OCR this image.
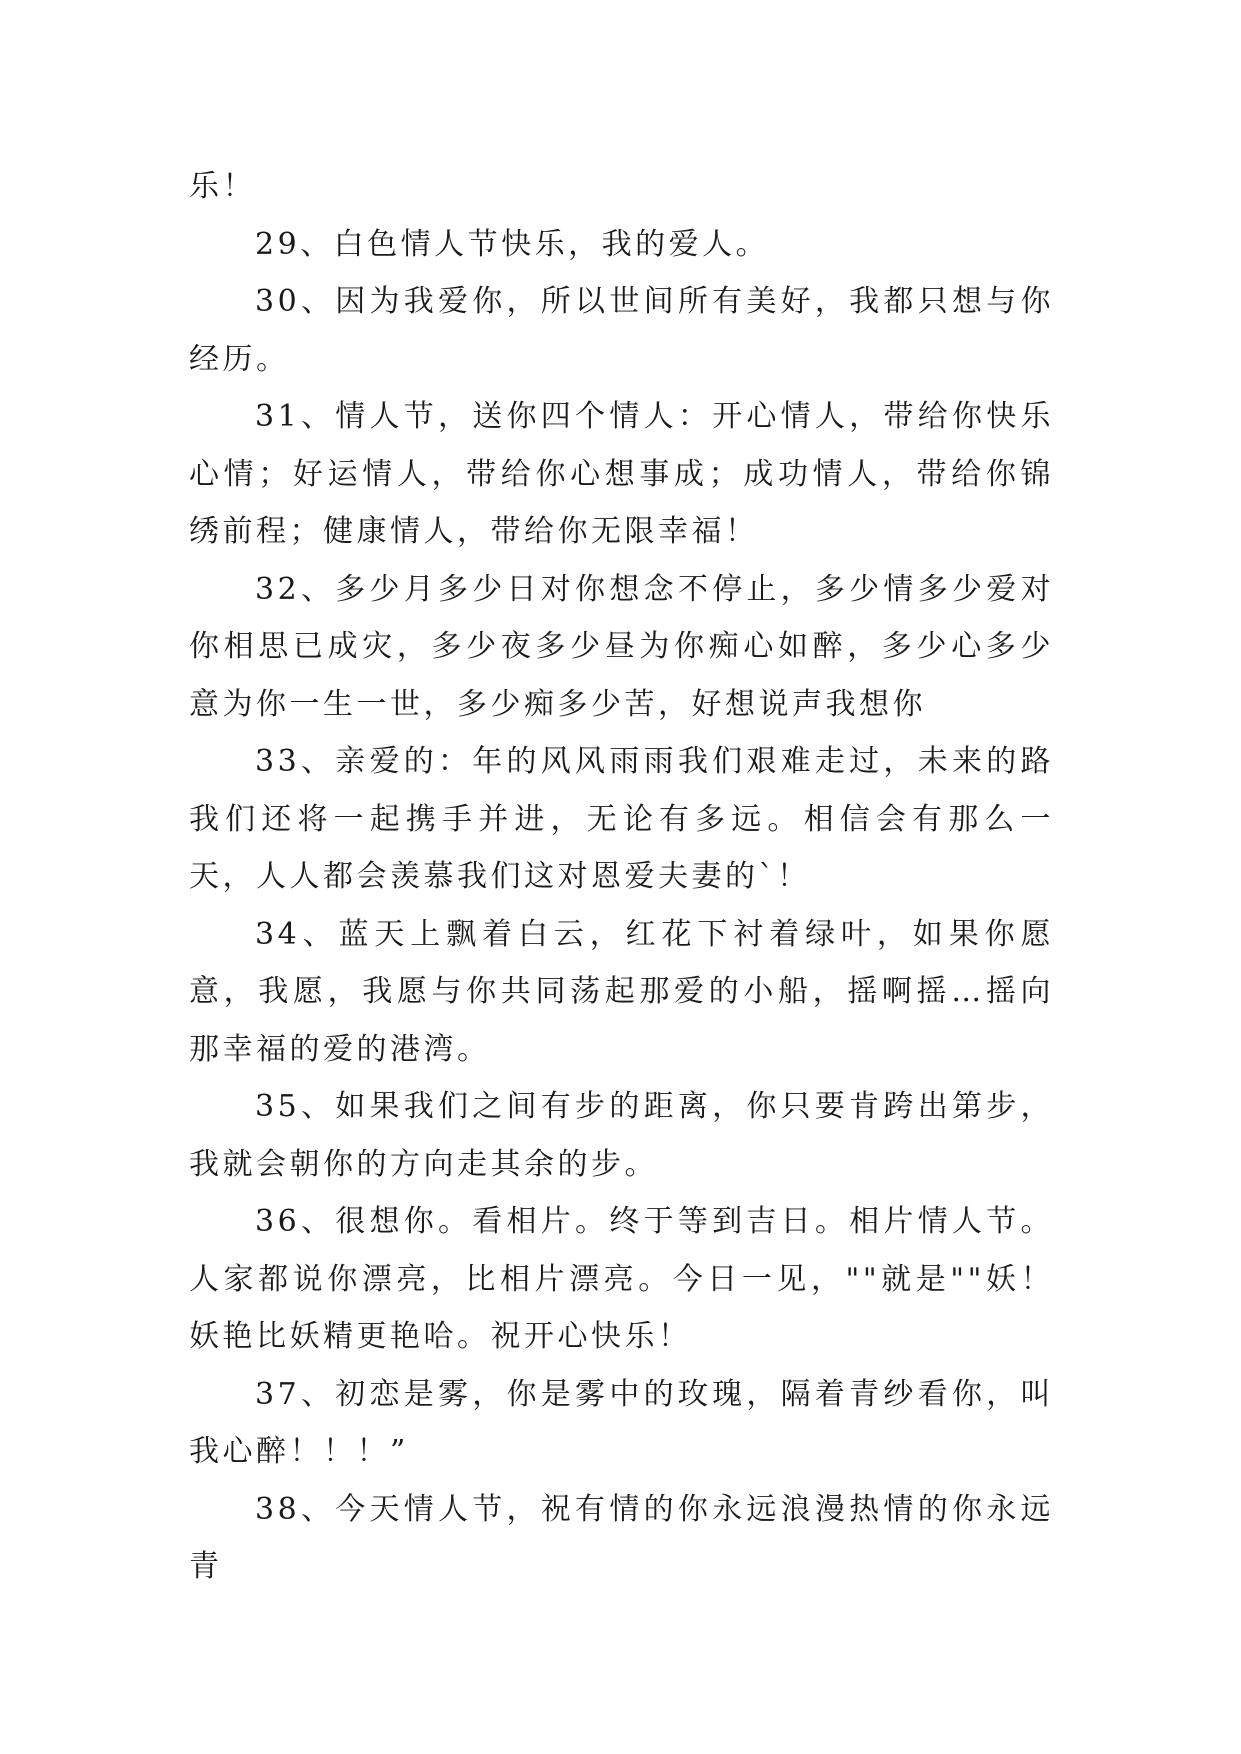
乐！

29、白色情人节快乐，我的爱人。

30、因为我爱你，所以世间所有美好，我都只想与你经历。

31、情人节，送你四个情人：开心情人，带给你快乐心情；好运情人，带给你心想事成；成功情人，带给你锦绣前程；健康情人，带给你无限幸福！

32、多少月多少日对你想念不停止，多少情多少爱对你相思已成灾，多少夜多少昼为你痴心如醉，多少心多少意为你一生一世，多少痴多少苦，好想说声我想你

33、亲爱的：年的风风雨雨我们艰难走过，未来的路我们还将一起携手并进，无论有多远。相信会有那么一天，人人都会羡慕我们这对恩爱夫妻的`！

34、蓝天上飘着白云，红花下衬着绿叶，如果你愿意，我愿，我愿与你共同荡起那爱的小船，摇啊摇…摇向那幸福的爱的港湾。

35、如果我们之间有步的距离，你只要肯跨出第步，我就会朝你的方向走其余的步。

36、很想你。看相片。终于等到吉日。相片情人节。人家都说你漂亮，比相片漂亮。今日一见，""就是""妖！妖艳比妖精更艳哈。祝开心快乐！

37、初恋是雾，你是雾中的玫瑰，隔着青纱看你，叫我心醉！！！”

38、今天情人节，祝有情的你永远浪漫热情的你永远青
